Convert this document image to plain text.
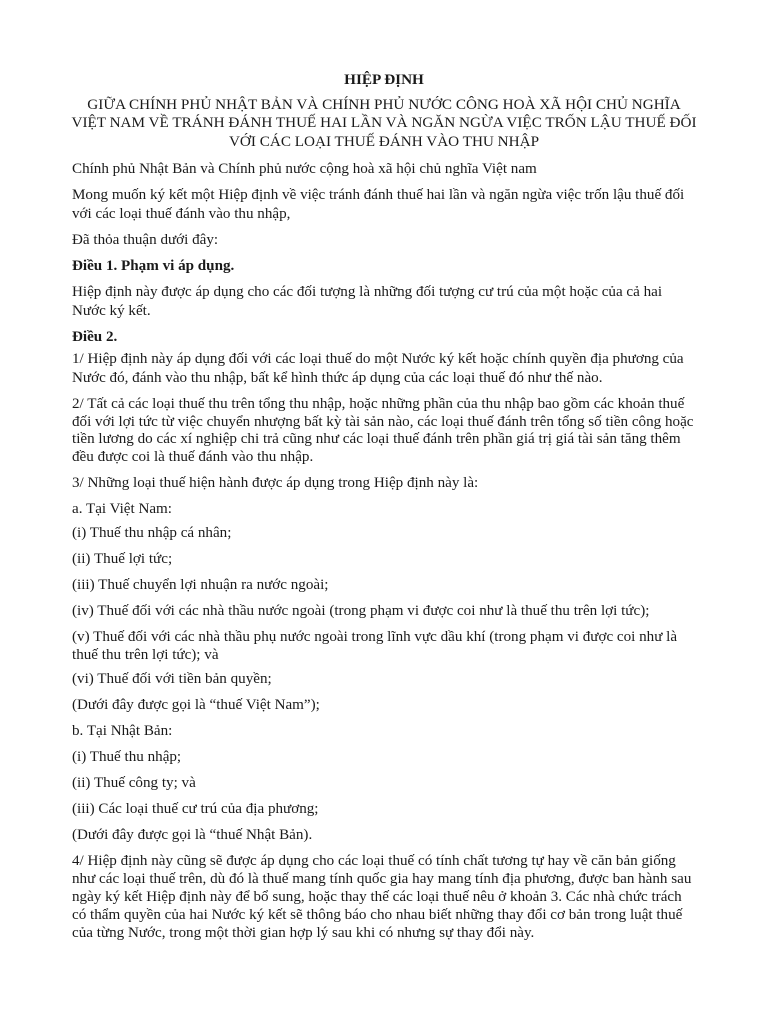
HIỆP ĐỊNH
GIỮA CHÍNH PHỦ NHẬT BẢN VÀ CHÍNH PHỦ NƯỚC CÔNG HOÀ XÃ HỘI CHỦ NGHĨA
VIỆT NAM VỀ TRÁNH ĐÁNH THUẾ HAI LẦN VÀ NGĂN NGỪA VIỆC TRỐN LẬU THUẾ ĐỐI
VỚI CÁC LOẠI THUẾ ĐÁNH VÀO THU NHẬP
Chính phủ Nhật Bản và Chính phủ nước cộng hoà xã hội chủ nghĩa Việt nam
Mong muốn ký kết một Hiệp định về việc tránh đánh thuế hai lần và ngăn ngừa việc trốn lậu thuế đối
với các loại thuế đánh vào thu nhập,
Đã thỏa thuận dưới đây:
Điều 1. Phạm vi áp dụng.
Hiệp định này được áp dụng cho các đối tượng là những đối tượng cư trú của một hoặc của cả hai
Nước ký kết.
Điều 2.
1/ Hiệp định này áp dụng đối với các loại thuế do một Nước ký kết hoặc chính quyền địa phương của
Nước đó, đánh vào thu nhập, bất kể hình thức áp dụng của các loại thuế đó như thế nào.
2/ Tất cả các loại thuế thu trên tổng thu nhập, hoặc những phần của thu nhập bao gồm các khoản thuế
đối với lợi tức từ việc chuyển nhượng bất kỳ tài sản nào, các loại thuế đánh trên tổng số tiền công hoặc
tiền lương do các xí nghiệp chi trả cũng như các loại thuế đánh trên phần giá trị giá tài sản tăng thêm
đều được coi là thuế đánh vào thu nhập.
3/ Những loại thuế hiện hành được áp dụng trong Hiệp định này là:
a. Tại Việt Nam:
(i) Thuế thu nhập cá nhân;
(ii) Thuế lợi tức;
(iii) Thuế chuyển lợi nhuận ra nước ngoài;
(iv) Thuế đối với các nhà thầu nước ngoài (trong phạm vi được coi như là thuế thu trên lợi tức);
(v) Thuế đối với các nhà thầu phụ nước ngoài trong lĩnh vực dầu khí (trong phạm vi được coi như là
thuế thu trên lợi tức); và
(vi) Thuế đối với tiền bản quyền;
(Dưới đây được gọi là “thuế Việt Nam”);
b. Tại Nhật Bản:
(i) Thuế thu nhập;
(ii) Thuế công ty; và
(iii) Các loại thuế cư trú của địa phương;
(Dưới đây được gọi là “thuế Nhật Bản).
4/ Hiệp định này cũng sẽ được áp dụng cho các loại thuế có tính chất tương tự hay về căn bản giống
như các loại thuế trên, dù đó là thuế mang tính quốc gia hay mang tính địa phương, được ban hành sau
ngày ký kết Hiệp định này để bổ sung, hoặc thay thế các loại thuế nêu ở khoản 3. Các nhà chức trách
có thẩm quyền của hai Nước ký kết sẽ thông báo cho nhau biết những thay đổi cơ bản trong luật thuế
của từng Nước, trong một thời gian hợp lý sau khi có nhưng sự thay đổi này.
